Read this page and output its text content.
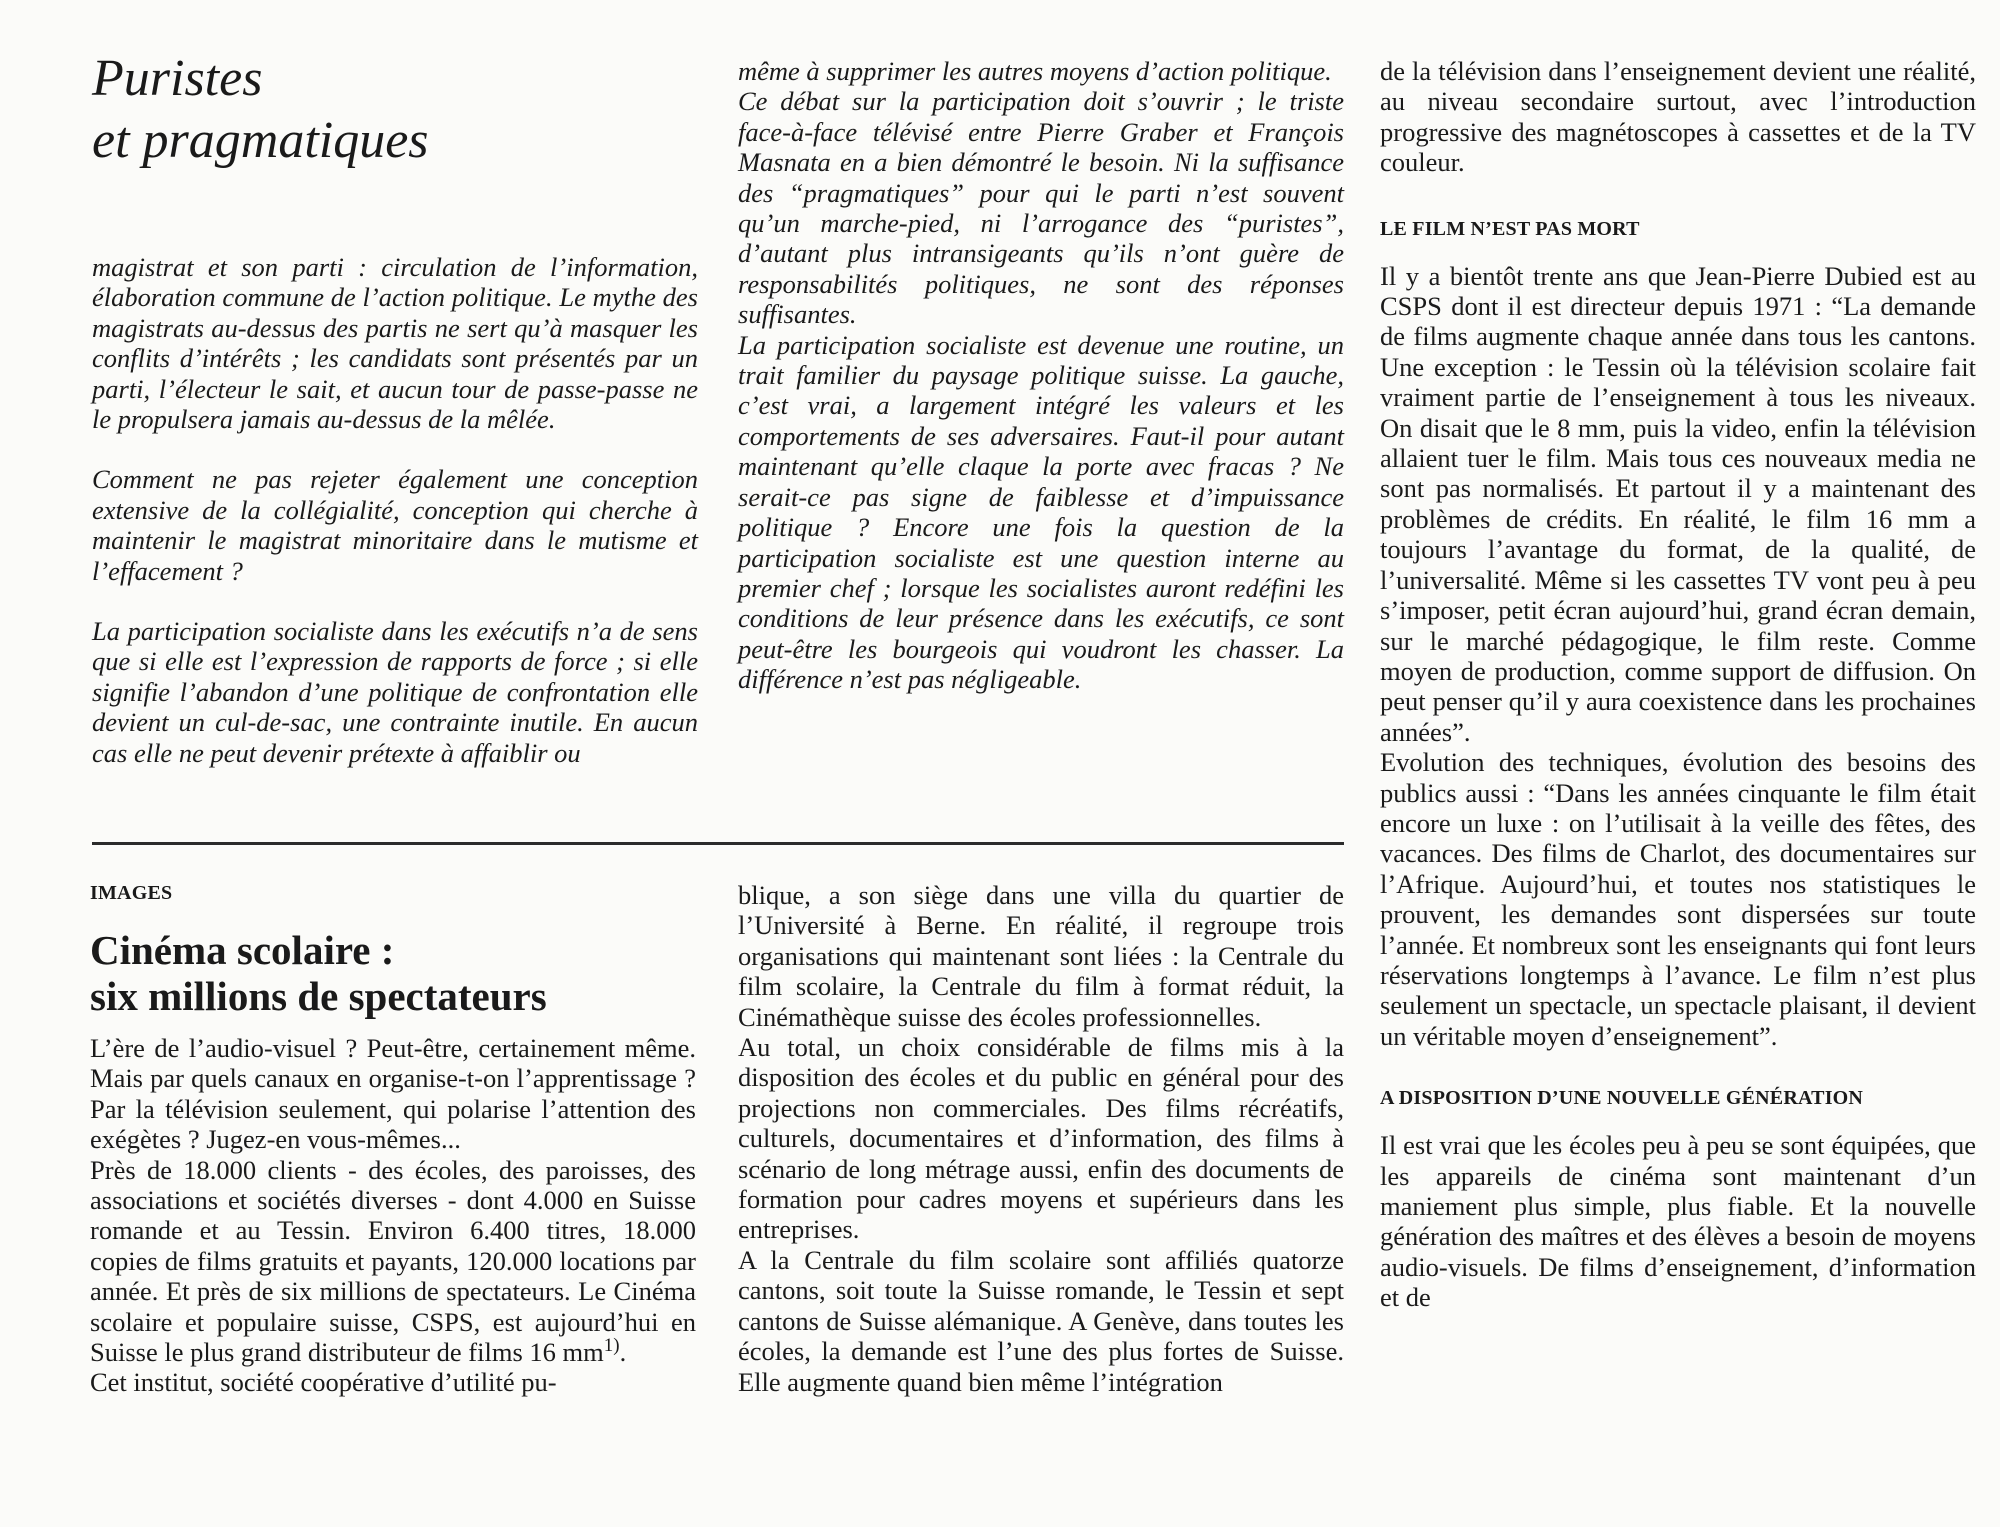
Puristes
et pragmatiques

magistrat et son parti : circulation de l’information, élaboration commune de l’action politique. Le mythe des magistrats au-dessus des partis ne sert qu’à masquer les conflits d’intérêts ; les candidats sont présentés par un parti, l’électeur le sait, et aucun tour de passe-passe ne le propulsera jamais au-dessus de la mêlée.

Comment ne pas rejeter également une conception extensive de la collégialité, conception qui cherche à maintenir le magistrat minoritaire dans le mutisme et l’effacement ?

La participation socialiste dans les exécutifs n’a de sens que si elle est l’expression de rapports de force ; si elle signifie l’abandon d’une politique de confrontation elle devient un cul-de-sac, une contrainte inutile. En aucun cas elle ne peut devenir prétexte à affaiblir ou

même à supprimer les autres moyens d’action politique.

Ce débat sur la participation doit s’ouvrir ; le triste face-à-face télévisé entre Pierre Graber et François Masnata en a bien démontré le besoin. Ni la suffisance des “pragmatiques” pour qui le parti n’est souvent qu’un marche-pied, ni l’arrogance des “puristes”, d’autant plus intransigeants qu’ils n’ont guère de responsabilités politiques, ne sont des réponses suffisantes.

La participation socialiste est devenue une routine, un trait familier du paysage politique suisse. La gauche, c’est vrai, a largement intégré les valeurs et les comportements de ses adversaires. Faut-il pour autant maintenant qu’elle claque la porte avec fracas ? Ne serait-ce pas signe de faiblesse et d’impuissance politique ? Encore une fois la question de la participation socialiste est une question interne au premier chef ; lorsque les socialistes auront redéfini les conditions de leur présence dans les exécutifs, ce sont peut-être les bourgeois qui voudront les chasser. La différence n’est pas négligeable.

IMAGES

Cinéma scolaire :
six millions de spectateurs

L’ère de l’audio-visuel ? Peut-être, certainement même. Mais par quels canaux en organise-t-on l’apprentissage ? Par la télévision seulement, qui polarise l’attention des exégètes ? Jugez-en vous-mêmes...

Près de 18.000 clients - des écoles, des paroisses, des associations et sociétés diverses - dont 4.000 en Suisse romande et au Tessin. Environ 6.400 titres, 18.000 copies de films gratuits et payants, 120.000 locations par année. Et près de six millions de spectateurs. Le Cinéma scolaire et populaire suisse, CSPS, est aujourd’hui en Suisse le plus grand distributeur de films 16 $mm^{1)}$.

Cet institut, société coopérative d’utilité pu-

blique, a son siège dans une villa du quartier de l’Université à Berne. En réalité, il regroupe trois organisations qui maintenant sont liées : la Centrale du film scolaire, la Centrale du film à format réduit, la Cinémathèque suisse des écoles professionnelles.

Au total, un choix considérable de films mis à la disposition des écoles et du public en général pour des projections non commerciales. Des films récréatifs, culturels, documentaires et d’information, des films à scénario de long métrage aussi, enfin des documents de formation pour cadres moyens et supérieurs dans les entreprises.

A la Centrale du film scolaire sont affiliés quatorze cantons, soit toute la Suisse romande, le Tessin et sept cantons de Suisse alémanique. A Genève, dans toutes les écoles, la demande est l’une des plus fortes de Suisse. Elle augmente quand bien même l’intégration

de la télévision dans l’enseignement devient une réalité, au niveau secondaire surtout, avec l’introduction progressive des magnétoscopes à cassettes et de la TV couleur.

LE FILM N’EST PAS MORT

Il y a bientôt trente ans que Jean-Pierre Dubied est au CSPS dont il est directeur depuis 1971 : “La demande de films augmente chaque année dans tous les cantons. Une exception : le Tessin où la télévision scolaire fait vraiment partie de l’enseignement à tous les niveaux. On disait que le 8 mm, puis la video, enfin la télévision allaient tuer le film. Mais tous ces nouveaux media ne sont pas normalisés. Et partout il y a maintenant des problèmes de crédits. En réalité, le film 16 mm a toujours l’avantage du format, de la qualité, de l’universalité. Même si les cassettes TV vont peu à peu s’imposer, petit écran aujourd’hui, grand écran demain, sur le marché pédagogique, le film reste. Comme moyen de production, comme support de diffusion. On peut penser qu’il y aura coexistence dans les prochaines années”.

Evolution des techniques, évolution des besoins des publics aussi : “Dans les années cinquante le film était encore un luxe : on l’utilisait à la veille des fêtes, des vacances. Des films de Charlot, des documentaires sur l’Afrique. Aujourd’hui, et toutes nos statistiques le prouvent, les demandes sont dispersées sur toute l’année. Et nombreux sont les enseignants qui font leurs réservations longtemps à l’avance. Le film n’est plus seulement un spectacle, un spectacle plaisant, il devient un véritable moyen d’enseignement”.

A DISPOSITION D’UNE NOUVELLE GÉNÉRATION

Il est vrai que les écoles peu à peu se sont équipées, que les appareils de cinéma sont maintenant d’un maniement plus simple, plus fiable. Et la nouvelle génération des maîtres et des élèves a besoin de moyens audio-visuels. De films d’enseignement, d’information et de
